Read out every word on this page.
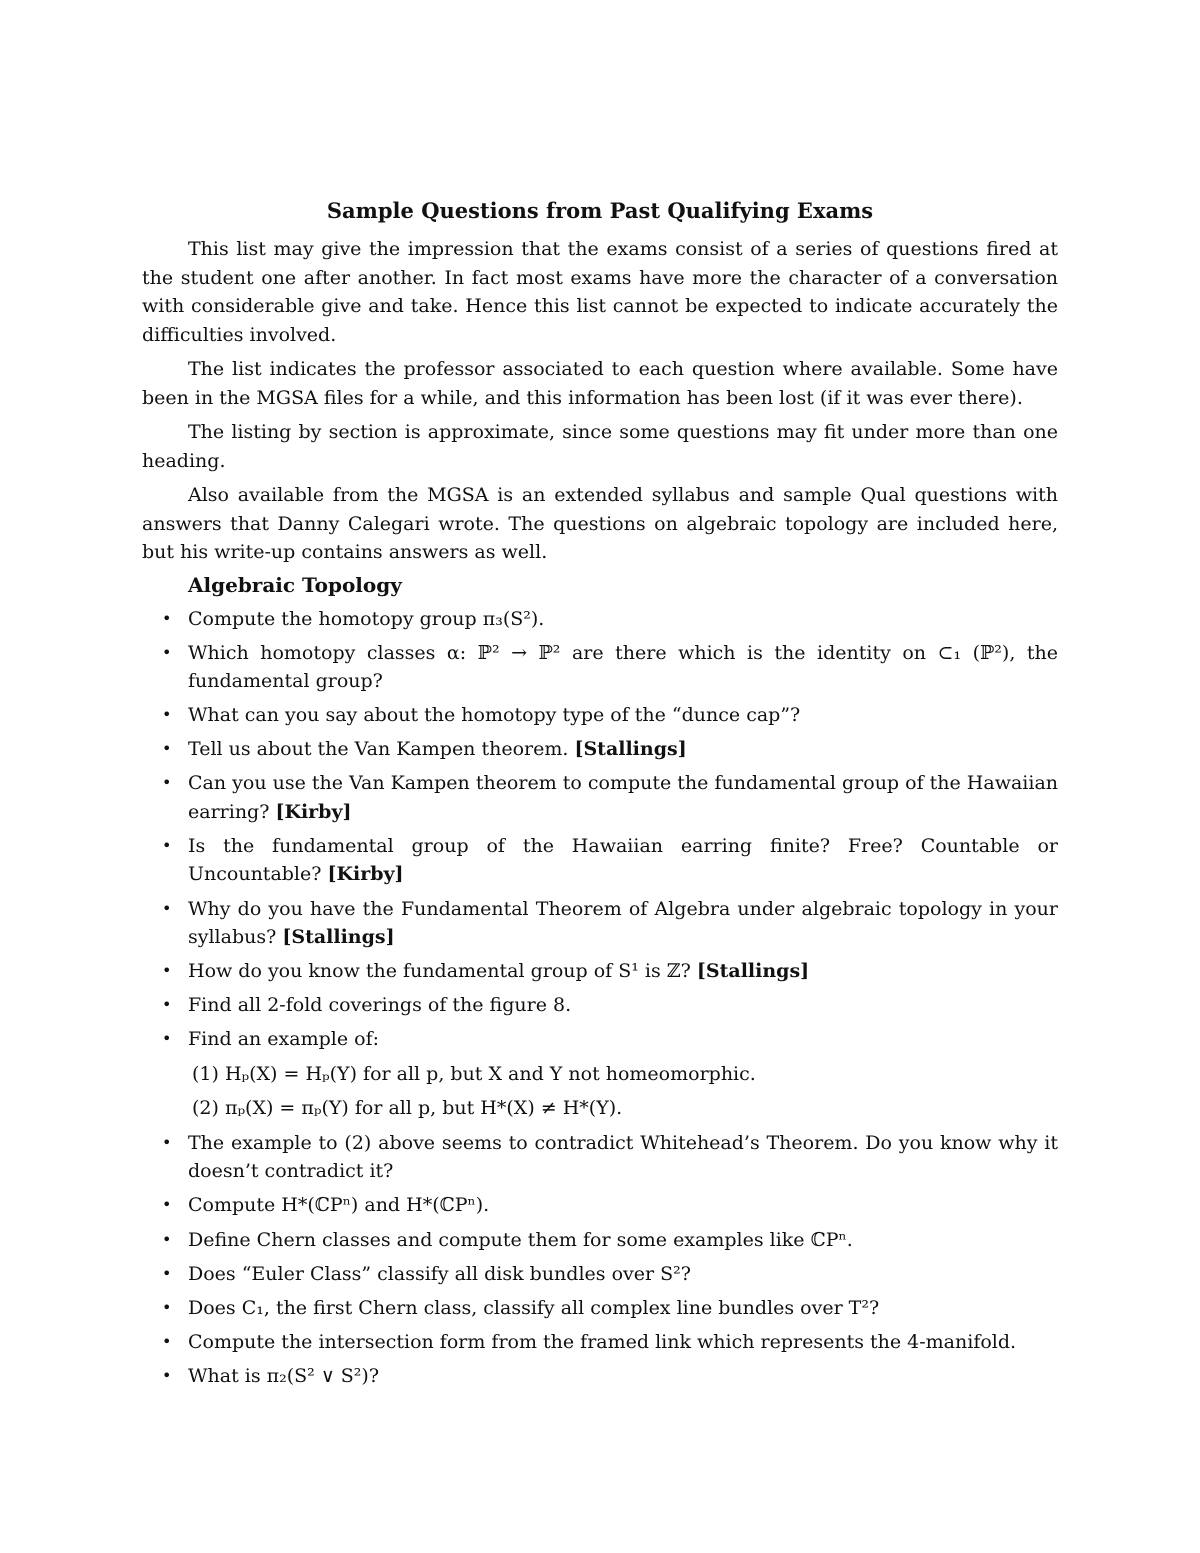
Sample Questions from Past Qualifying Exams

This list may give the impression that the exams consist of a series of questions fired at the student one after another. In fact most exams have more the character of a conversation with considerable give and take. Hence this list cannot be expected to indicate accurately the difficulties involved.

The list indicates the professor associated to each question where available. Some have been in the MGSA files for a while, and this information has been lost (if it was ever there).

The listing by section is approximate, since some questions may fit under more than one heading.

Also available from the MGSA is an extended syllabus and sample Qual questions with answers that Danny Calegari wrote. The questions on algebraic topology are included here, but his write-up contains answers as well.

Algebraic Topology
• Compute the homotopy group π₃(S²).
• Which homotopy classes α: ℙ² → ℙ² are there which is the identity on ⊂₁ (ℙ²), the fundamental group?
• What can you say about the homotopy type of the “dunce cap”?
• Tell us about the Van Kampen theorem. [Stallings]
• Can you use the Van Kampen theorem to compute the fundamental group of the Hawaiian earring? [Kirby]
• Is the fundamental group of the Hawaiian earring finite? Free? Countable or Uncountable? [Kirby]
• Why do you have the Fundamental Theorem of Algebra under algebraic topology in your syllabus? [Stallings]
• How do you know the fundamental group of S¹ is ℤ? [Stallings]
• Find all 2-fold coverings of the figure 8.
• Find an example of:
(1) Hₚ(X) = Hₚ(Y) for all p, but X and Y not homeomorphic.
(2) πₚ(X) = πₚ(Y) for all p, but H*(X) ≠ H*(Y).
• The example to (2) above seems to contradict Whitehead’s Theorem. Do you know why it doesn’t contradict it?
• Compute H*(ℂPⁿ) and H*(ℂPⁿ).
• Define Chern classes and compute them for some examples like ℂPⁿ.
• Does “Euler Class” classify all disk bundles over S²?
• Does C₁, the first Chern class, classify all complex line bundles over T²?
• Compute the intersection form from the framed link which represents the 4-manifold.
• What is π₂(S² ∨ S²)?
